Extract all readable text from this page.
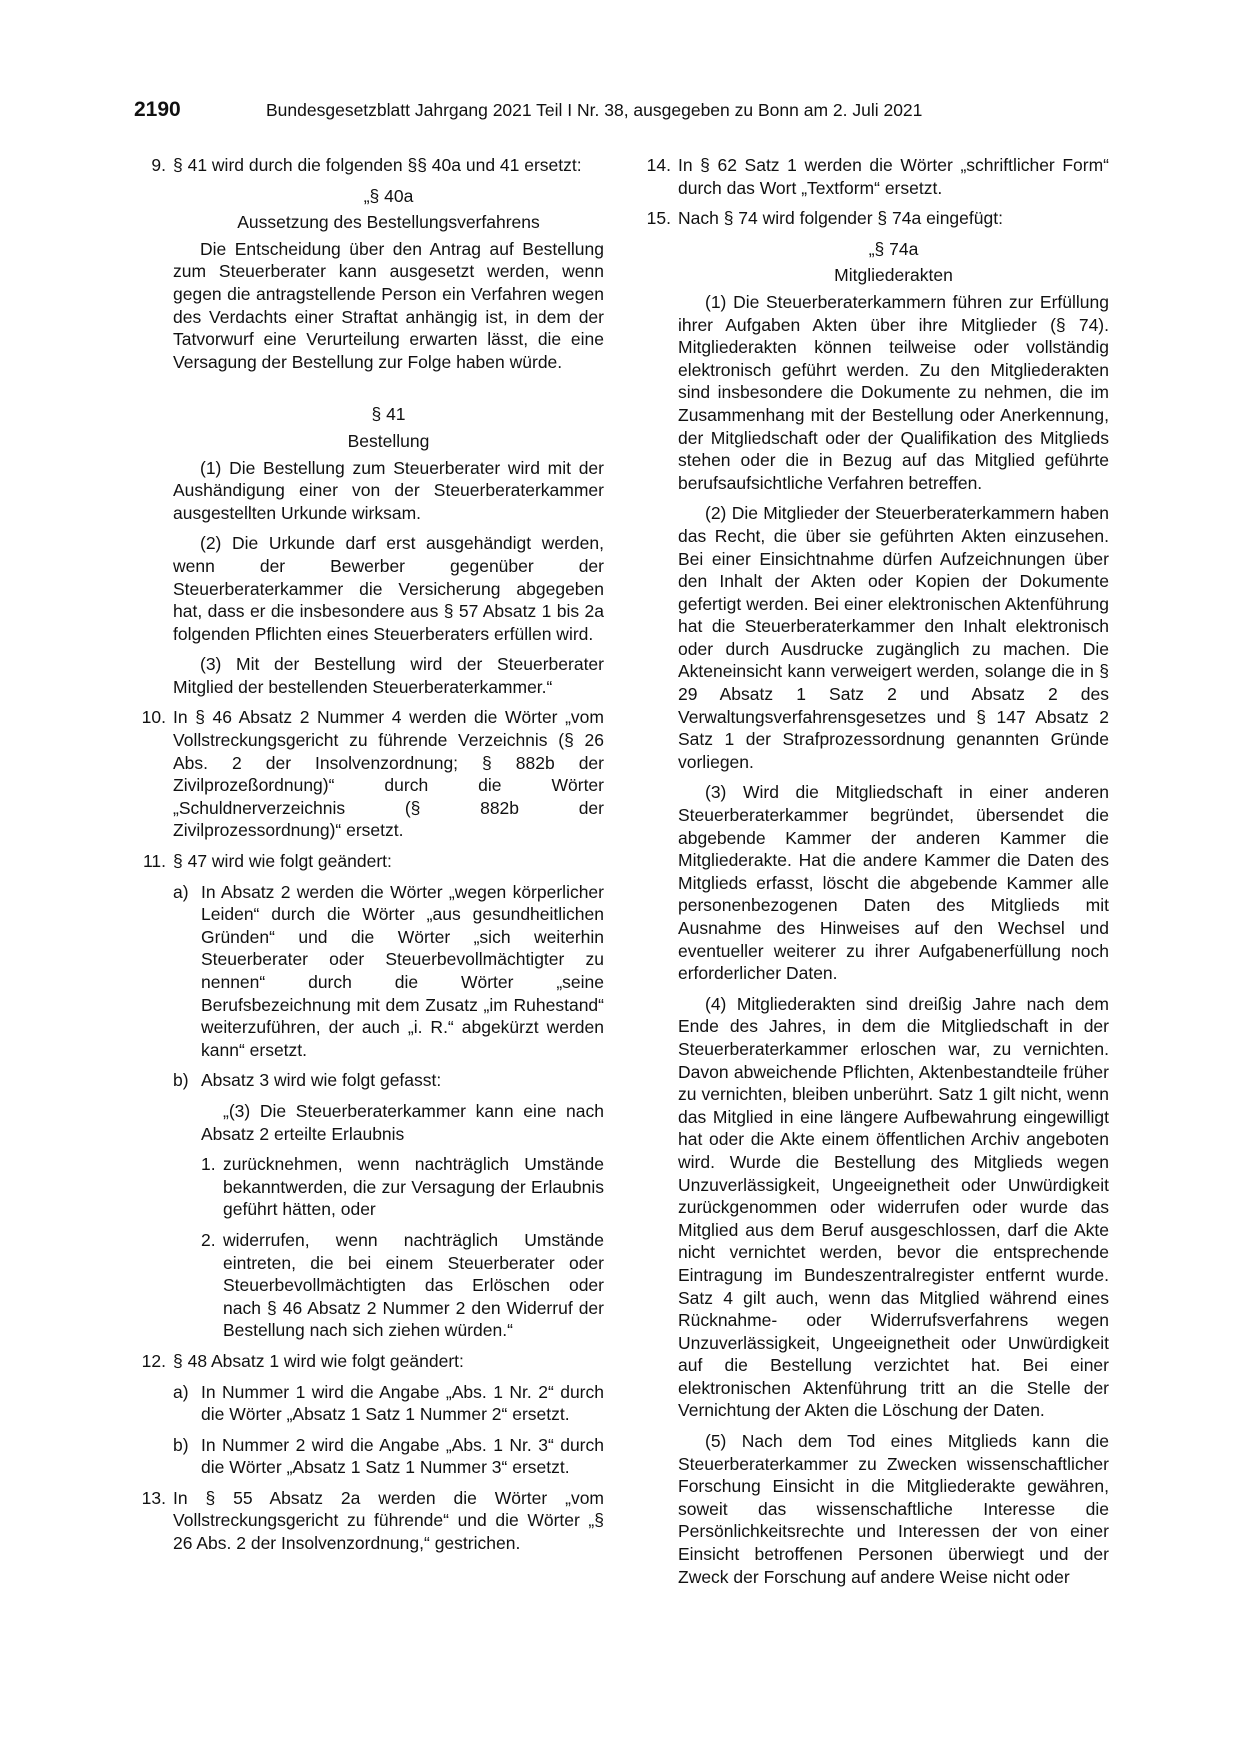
2190	Bundesgesetzblatt Jahrgang 2021 Teil I Nr. 38, ausgegeben zu Bonn am 2. Juli 2021
9. § 41 wird durch die folgenden §§ 40a und 41 ersetzt:

„§ 40a

Aussetzung des Bestellungsverfahrens

Die Entscheidung über den Antrag auf Bestellung zum Steuerberater kann ausgesetzt werden, wenn gegen die antragstellende Person ein Verfahren wegen des Verdachts einer Straftat anhängig ist, in dem der Tatvorwurf eine Verurteilung erwarten lässt, die eine Versagung der Bestellung zur Folge haben würde.

§ 41

Bestellung

(1) Die Bestellung zum Steuerberater wird mit der Aushändigung einer von der Steuerberaterkammer ausgestellten Urkunde wirksam.

(2) Die Urkunde darf erst ausgehändigt werden, wenn der Bewerber gegenüber der Steuerberaterkammer die Versicherung abgegeben hat, dass er die insbesondere aus § 57 Absatz 1 bis 2a folgenden Pflichten eines Steuerberaters erfüllen wird.

(3) Mit der Bestellung wird der Steuerberater Mitglied der bestellenden Steuerberaterkammer.“

10. In § 46 Absatz 2 Nummer 4 werden die Wörter „vom Vollstreckungsgericht zu führende Verzeichnis (§ 26 Abs. 2 der Insolvenzordnung; § 882b der Zivilprozeßordnung)“ durch die Wörter „Schuldnerverzeichnis (§ 882b der Zivilprozessordnung)“ ersetzt.

11. § 47 wird wie folgt geändert:

a) In Absatz 2 werden die Wörter „wegen körperlicher Leiden“ durch die Wörter „aus gesundheitlichen Gründen“ und die Wörter „sich weiterhin Steuerberater oder Steuerbevollmächtigter zu nennen“ durch die Wörter „seine Berufsbezeichnung mit dem Zusatz „im Ruhestand“ weiterzuführen, der auch „i. R.“ abgekürzt werden kann“ ersetzt.

b) Absatz 3 wird wie folgt gefasst:

„(3) Die Steuerberaterkammer kann eine nach Absatz 2 erteilte Erlaubnis

1. zurücknehmen, wenn nachträglich Umstände bekanntwerden, die zur Versagung der Erlaubnis geführt hätten, oder

2. widerrufen, wenn nachträglich Umstände eintreten, die bei einem Steuerberater oder Steuerbevollmächtigten das Erlöschen oder nach § 46 Absatz 2 Nummer 2 den Widerruf der Bestellung nach sich ziehen würden.“

12. § 48 Absatz 1 wird wie folgt geändert:

a) In Nummer 1 wird die Angabe „Abs. 1 Nr. 2“ durch die Wörter „Absatz 1 Satz 1 Nummer 2“ ersetzt.

b) In Nummer 2 wird die Angabe „Abs. 1 Nr. 3“ durch die Wörter „Absatz 1 Satz 1 Nummer 3“ ersetzt.

13. In § 55 Absatz 2a werden die Wörter „vom Vollstreckungsgericht zu führende“ und die Wörter „§ 26 Abs. 2 der Insolvenzordnung,“ gestrichen.

14. In § 62 Satz 1 werden die Wörter „schriftlicher Form“ durch das Wort „Textform“ ersetzt.

15. Nach § 74 wird folgender § 74a eingefügt:

„§ 74a

Mitgliederakten

(1) Die Steuerberaterkammern führen zur Erfüllung ihrer Aufgaben Akten über ihre Mitglieder (§ 74). Mitgliederakten können teilweise oder vollständig elektronisch geführt werden. Zu den Mitgliederakten sind insbesondere die Dokumente zu nehmen, die im Zusammenhang mit der Bestellung oder Anerkennung, der Mitgliedschaft oder der Qualifikation des Mitglieds stehen oder die in Bezug auf das Mitglied geführte berufsaufsichtliche Verfahren betreffen.

(2) Die Mitglieder der Steuerberaterkammern haben das Recht, die über sie geführten Akten einzusehen. Bei einer Einsichtnahme dürfen Aufzeichnungen über den Inhalt der Akten oder Kopien der Dokumente gefertigt werden. Bei einer elektronischen Aktenführung hat die Steuerberaterkammer den Inhalt elektronisch oder durch Ausdrucke zugänglich zu machen. Die Akteneinsicht kann verweigert werden, solange die in § 29 Absatz 1 Satz 2 und Absatz 2 des Verwaltungsverfahrensgesetzes und § 147 Absatz 2 Satz 1 der Strafprozessordnung genannten Gründe vorliegen.

(3) Wird die Mitgliedschaft in einer anderen Steuerberaterkammer begründet, übersendet die abgebende Kammer der anderen Kammer die Mitgliederakte. Hat die andere Kammer die Daten des Mitglieds erfasst, löscht die abgebende Kammer alle personenbezogenen Daten des Mitglieds mit Ausnahme des Hinweises auf den Wechsel und eventueller weiterer zu ihrer Aufgabenerfüllung noch erforderlicher Daten.

(4) Mitgliederakten sind dreißig Jahre nach dem Ende des Jahres, in dem die Mitgliedschaft in der Steuerberaterkammer erloschen war, zu vernichten. Davon abweichende Pflichten, Aktenbestandteile früher zu vernichten, bleiben unberührt. Satz 1 gilt nicht, wenn das Mitglied in eine längere Aufbewahrung eingewilligt hat oder die Akte einem öffentlichen Archiv angeboten wird. Wurde die Bestellung des Mitglieds wegen Unzuverlässigkeit, Ungeeignetheit oder Unwürdigkeit zurückgenommen oder widerrufen oder wurde das Mitglied aus dem Beruf ausgeschlossen, darf die Akte nicht vernichtet werden, bevor die entsprechende Eintragung im Bundeszentralregister entfernt wurde. Satz 4 gilt auch, wenn das Mitglied während eines Rücknahme- oder Widerrufsverfahrens wegen Unzuverlässigkeit, Ungeeignetheit oder Unwürdigkeit auf die Bestellung verzichtet hat. Bei einer elektronischen Aktenführung tritt an die Stelle der Vernichtung der Akten die Löschung der Daten.

(5) Nach dem Tod eines Mitglieds kann die Steuerberaterkammer zu Zwecken wissenschaftlicher Forschung Einsicht in die Mitgliederakte gewähren, soweit das wissenschaftliche Interesse die Persönlichkeitsrechte und Interessen der von einer Einsicht betroffenen Personen überwiegt und der Zweck der Forschung auf andere Weise nicht oder
